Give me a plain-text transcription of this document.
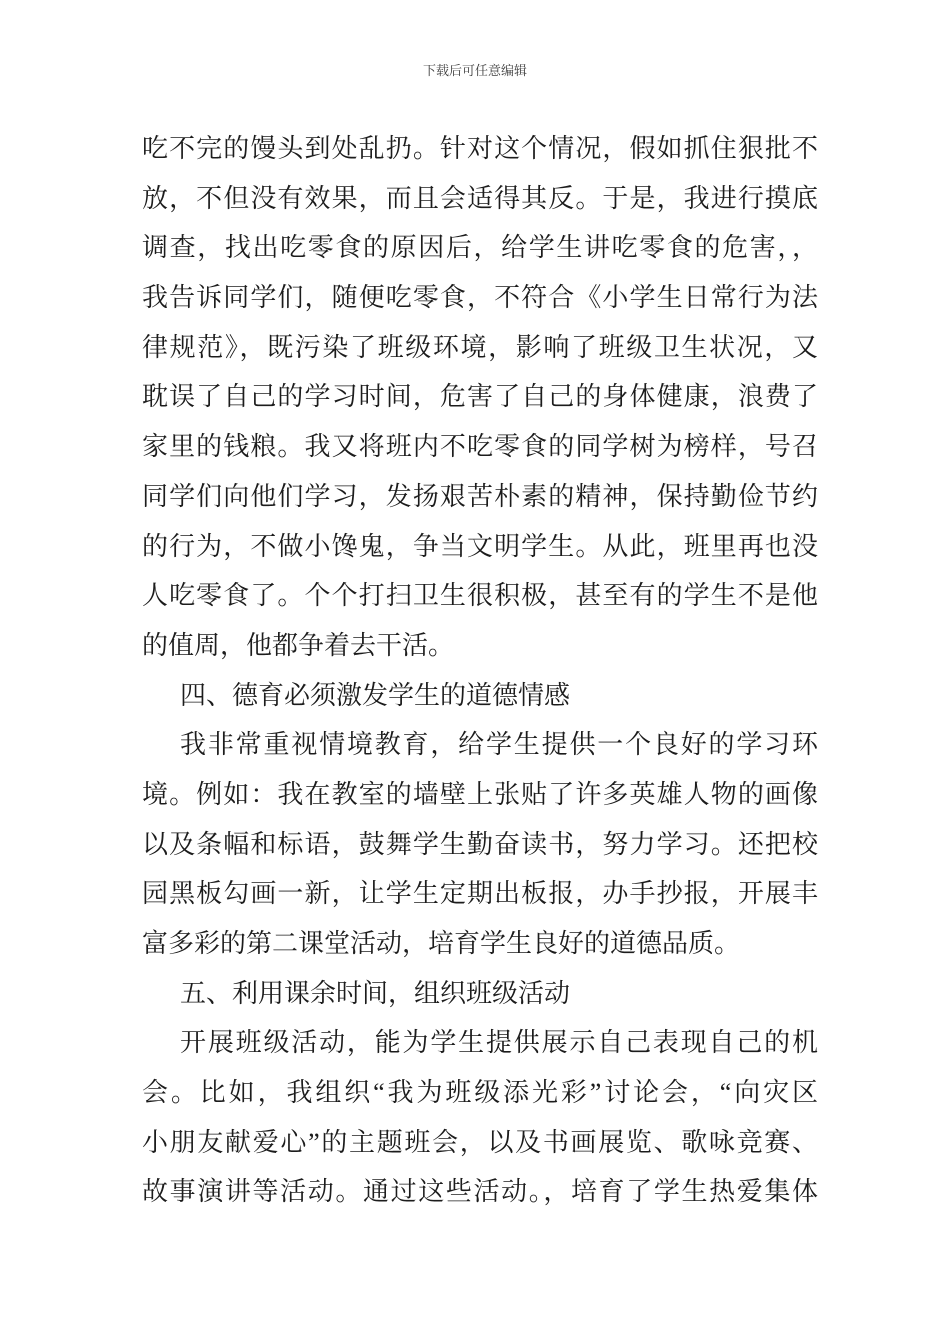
下载后可任意编辑
吃不完的馒头到处乱扔。针对这个情况，假如抓住狠批不
放，不但没有效果，而且会适得其反。于是，我进行摸底
调查，找出吃零食的原因后，给学生讲吃零食的危害，，
我告诉同学们，随便吃零食，不符合《小学生日常行为法
律规范》，既污染了班级环境，影响了班级卫生状况，又
耽误了自己的学习时间，危害了自己的身体健康，浪费了
家里的钱粮。我又将班内不吃零食的同学树为榜样，号召
同学们向他们学习，发扬艰苦朴素的精神，保持勤俭节约
的行为，不做小馋鬼，争当文明学生。从此，班里再也没
人吃零食了。个个打扫卫生很积极，甚至有的学生不是他
的值周，他都争着去干活。
四、德育必须激发学生的道德情感
我非常重视情境教育，给学生提供一个良好的学习环
境。例如：我在教室的墙壁上张贴了许多英雄人物的画像
以及条幅和标语，鼓舞学生勤奋读书，努力学习。还把校
园黑板勾画一新，让学生定期出板报，办手抄报，开展丰
富多彩的第二课堂活动，培育学生良好的道德品质。
五、利用课余时间，组织班级活动
开展班级活动，能为学生提供展示自己表现自己的机
会。比如，我组织“我为班级添光彩”讨论会，“向灾区
小朋友献爱心”的主题班会，以及书画展览、歌咏竞赛、
故事演讲等活动。通过这些活动。，培育了学生热爱集体
